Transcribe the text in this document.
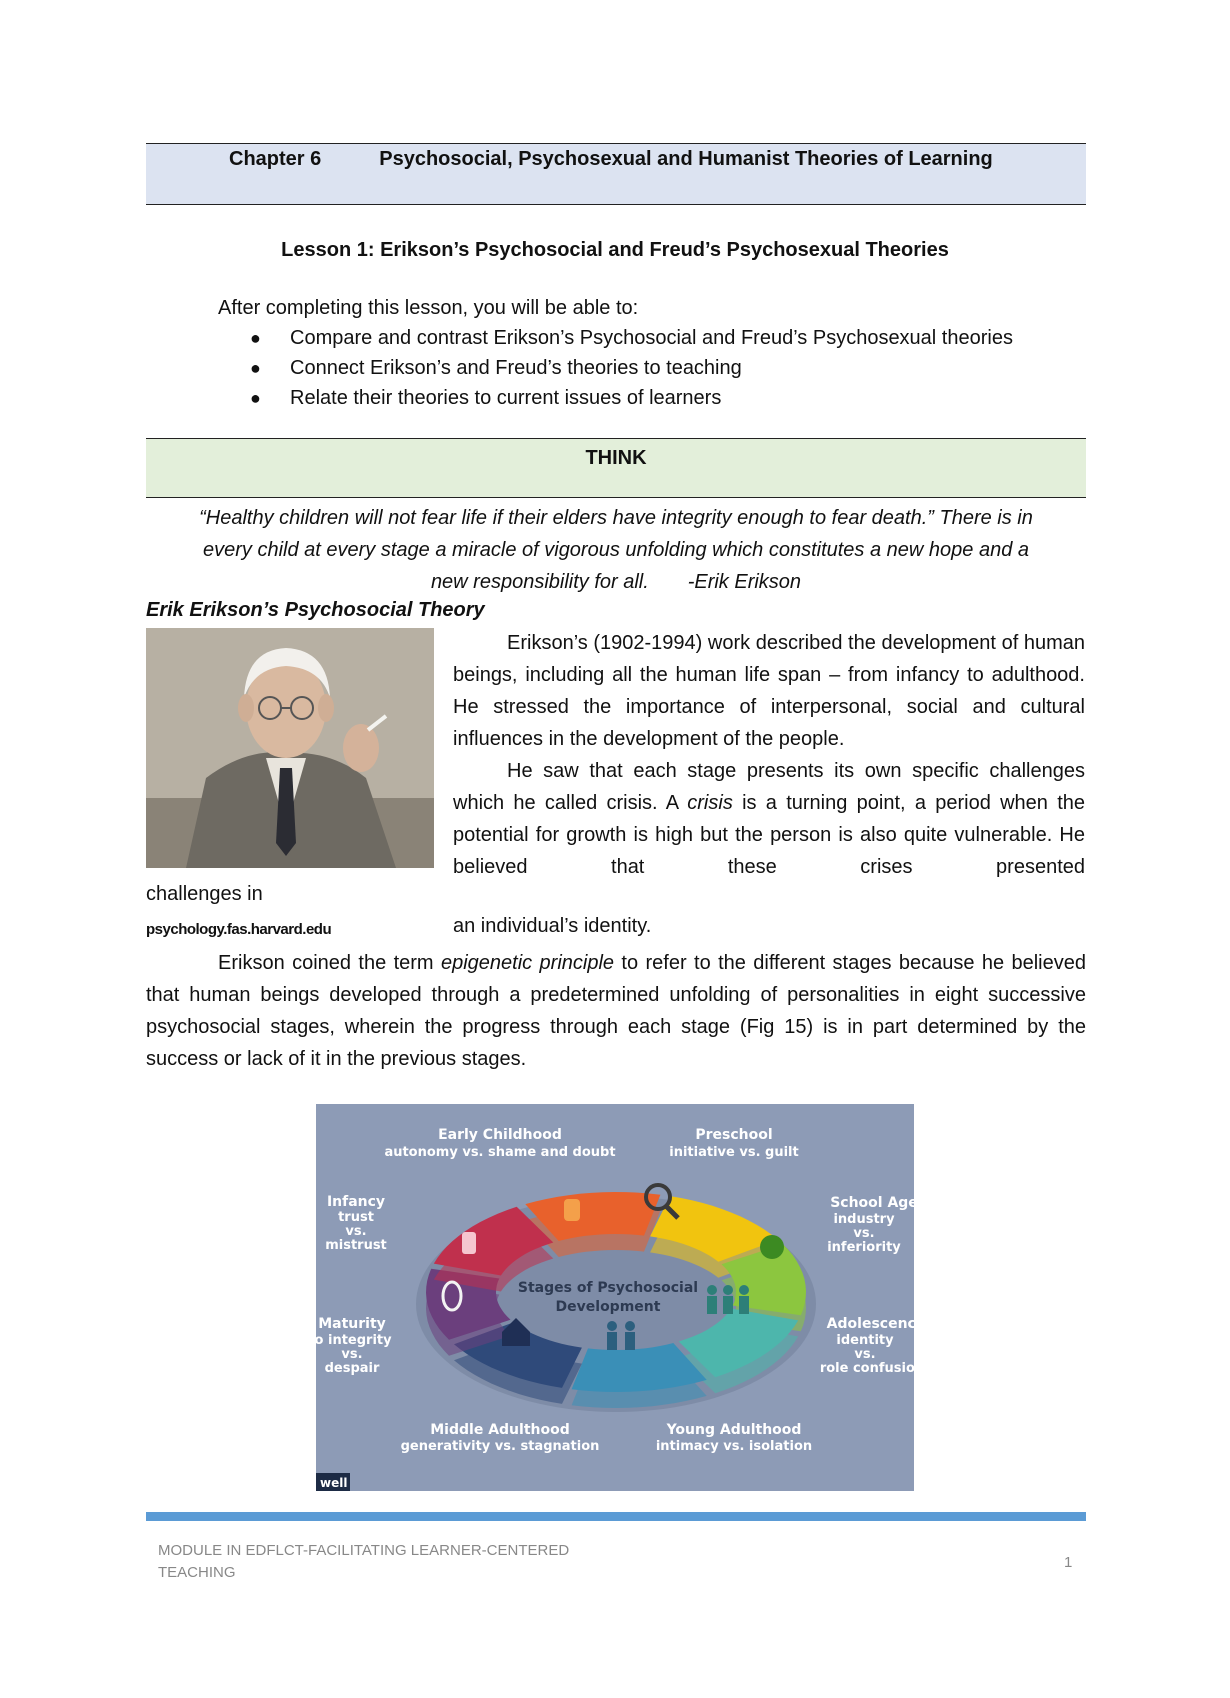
Chapter 6	Psychosocial, Psychosexual and Humanist Theories of Learning
Lesson 1: Erikson’s Psychosocial and Freud’s Psychosexual Theories
After completing this lesson, you will be able to:
● Compare and contrast Erikson’s Psychosocial and Freud’s Psychosexual theories
● Connect Erikson’s and Freud’s theories to teaching
● Relate their theories to current issues of learners
THINK
“Healthy children will not fear life if their elders have integrity enough to fear death.” There is in
every child at every stage a miracle of vigorous unfolding which constitutes a new hope and a
new responsibility for all.       -Erik Erikson
Erik Erikson’s Psychosocial Theory
Erikson’s (1902-1994) work described the development of human beings, including all the human life span – from infancy to adulthood. He stressed the importance of interpersonal, social and cultural influences in the development of the people.
He saw that each stage presents its own specific challenges which he called crisis. A crisis is a turning point, a period when the potential for growth is high but the person is also quite vulnerable. He believed that these crises presented
challenges in
psychology.fas.harvard.edu	an individual’s identity.
Erikson coined the term epigenetic principle to refer to the different stages because he believed that human beings developed through a predetermined unfolding of personalities in eight successive psychosocial stages, wherein the progress through each stage (Fig 15) is in part determined by the success or lack of it in the previous stages.
Stages of Psychosocial
Development
Early Childhood
autonomy vs. shame and doubt
Preschool
initiative vs. guilt
School Age
industry
vs.
inferiority
Adolescence
identity
vs.
role confusion
Young Adulthood
intimacy vs. isolation
Middle Adulthood
generativity vs. stagnation
Maturity
ego integrity
vs.
despair
Infancy
trust
vs.
mistrust
well
MODULE IN EDFLCT-FACILITATING LEARNER-CENTERED TEACHING
1
